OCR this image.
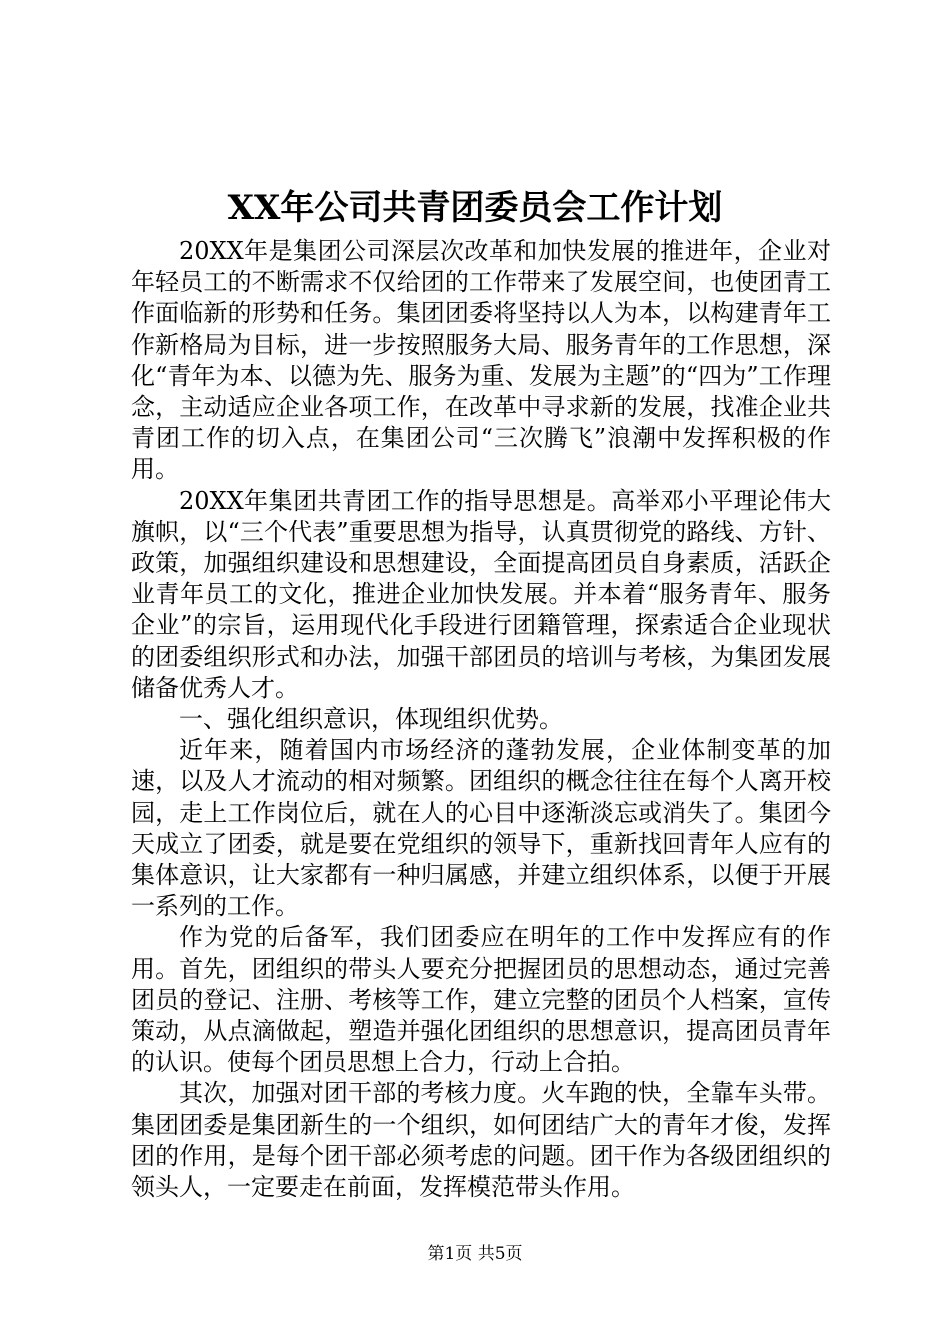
XX年公司共青团委员会工作计划

20XX年是集团公司深层次改革和加快发展的推进年，企业对年轻员工的不断需求不仅给团的工作带来了发展空间，也使团青工作面临新的形势和任务。集团团委将坚持以人为本，以构建青年工作新格局为目标，进一步按照服务大局、服务青年的工作思想，深化“青年为本、以德为先、服务为重、发展为主题”的“四为”工作理念，主动适应企业各项工作，在改革中寻求新的发展，找准企业共青团工作的切入点，在集团公司“三次腾飞”浪潮中发挥积极的作用。

20XX年集团共青团工作的指导思想是。高举邓小平理论伟大旗帜，以“三个代表”重要思想为指导，认真贯彻党的路线、方针、政策，加强组织建设和思想建设，全面提高团员自身素质，活跃企业青年员工的文化，推进企业加快发展。并本着“服务青年、服务企业”的宗旨，运用现代化手段进行团籍管理，探索适合企业现状的团委组织形式和办法，加强干部团员的培训与考核，为集团发展储备优秀人才。

一、强化组织意识，体现组织优势。

近年来，随着国内市场经济的蓬勃发展，企业体制变革的加速，以及人才流动的相对频繁。团组织的概念往往在每个人离开校园，走上工作岗位后，就在人的心目中逐渐淡忘或消失了。集团今天成立了团委，就是要在党组织的领导下，重新找回青年人应有的集体意识，让大家都有一种归属感，并建立组织体系，以便于开展一系列的工作。

作为党的后备军，我们团委应在明年的工作中发挥应有的作用。首先，团组织的带头人要充分把握团员的思想动态，通过完善团员的登记、注册、考核等工作，建立完整的团员个人档案，宣传策动，从点滴做起，塑造并强化团组织的思想意识，提高团员青年的认识。使每个团员思想上合力，行动上合拍。

其次，加强对团干部的考核力度。火车跑的快，全靠车头带。集团团委是集团新生的一个组织，如何团结广大的青年才俊，发挥团的作用，是每个团干部必须考虑的问题。团干作为各级团组织的领头人，一定要走在前面，发挥模范带头作用。

第1页 共5页
